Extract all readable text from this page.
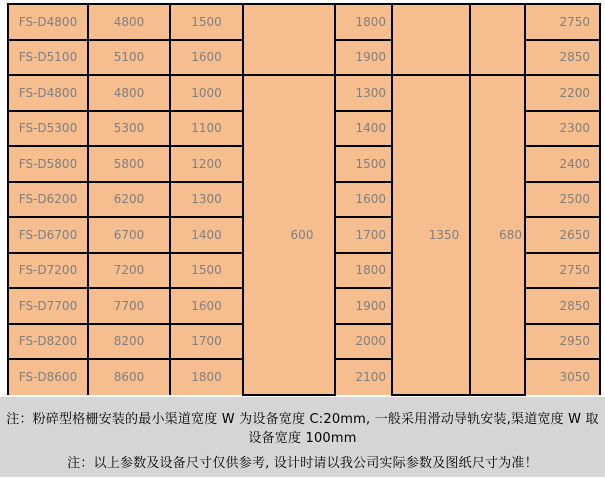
FS-D4800	4800	1500		1800			2750
FS-D5100	5100	1600		1900			2850
FS-D4800	4800	1000	600	1300	1350	680	2200
FS-D5300	5300	1100		1400			2300
FS-D5800	5800	1200		1500			2400
FS-D6200	6200	1300		1600			2500
FS-D6700	6700	1400		1700			2650
FS-D7200	7200	1500		1800			2750
FS-D7700	7700	1600		1900			2850
FS-D8200	8200	1700		2000			2950
FS-D8600	8600	1800		2100			3050
注：粉碎型格栅安装的最小渠道宽度 W 为设备宽度 C:20mm, 一般采用滑动导轨安装,渠道宽度 W 取设备宽度 100mm
注：以上参数及设备尺寸仅供参考, 设计时请以我公司实际参数及图纸尺寸为准！
